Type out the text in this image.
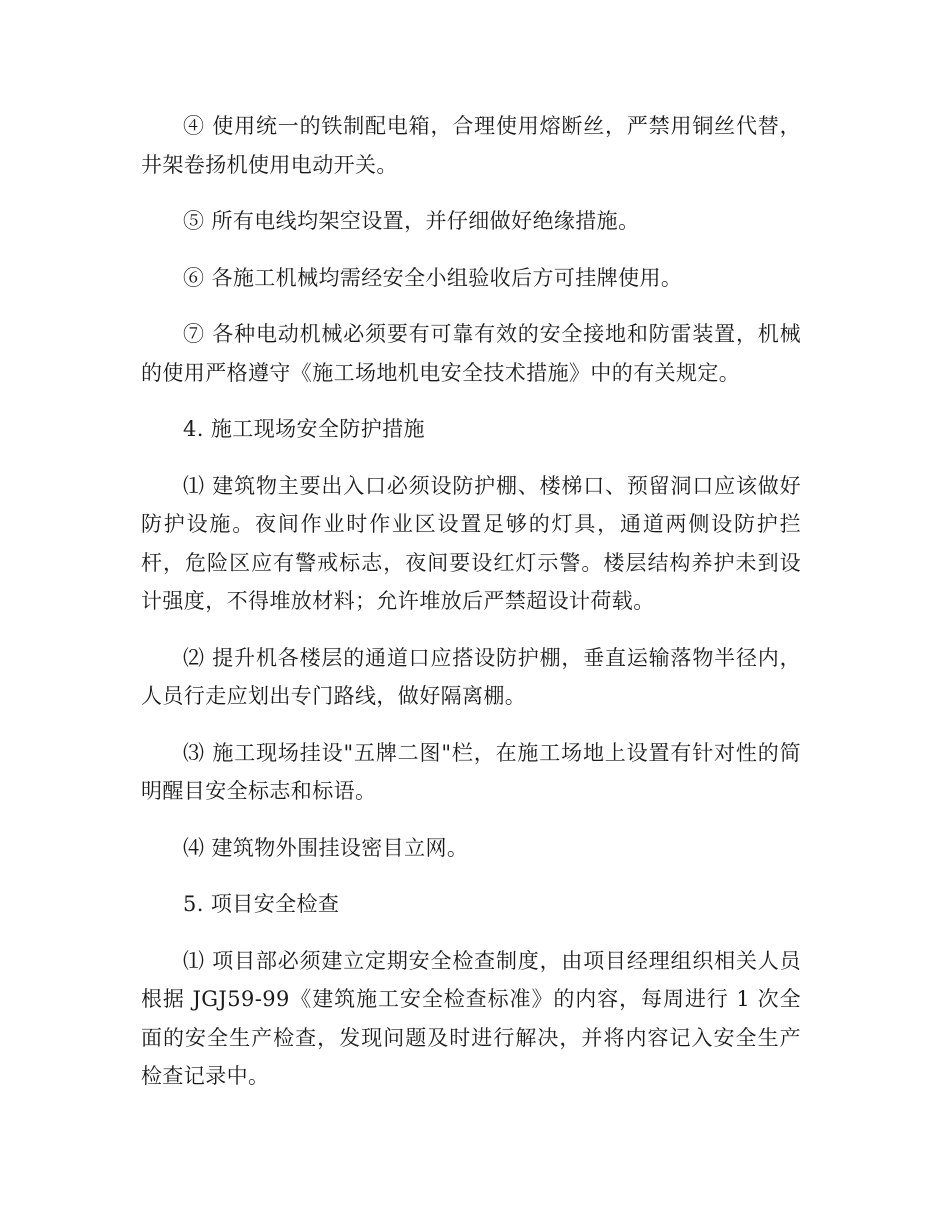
④ 使用统一的铁制配电箱，合理使用熔断丝，严禁用铜丝代替，井架卷扬机使用电动开关。

⑤ 所有电线均架空设置，并仔细做好绝缘措施。

⑥ 各施工机械均需经安全小组验收后方可挂牌使用。

⑦ 各种电动机械必须要有可靠有效的安全接地和防雷装置，机械的使用严格遵守《施工场地机电安全技术措施》中的有关规定。

4. 施工现场安全防护措施

⑴ 建筑物主要出入口必须设防护棚、楼梯口、预留洞口应该做好防护设施。夜间作业时作业区设置足够的灯具，通道两侧设防护拦杆，危险区应有警戒标志，夜间要设红灯示警。楼层结构养护未到设计强度，不得堆放材料；允许堆放后严禁超设计荷载。

⑵ 提升机各楼层的通道口应搭设防护棚，垂直运输落物半径内，人员行走应划出专门路线，做好隔离棚。

⑶ 施工现场挂设"五牌二图"栏，在施工场地上设置有针对性的简明醒目安全标志和标语。

⑷ 建筑物外围挂设密目立网。

5. 项目安全检查

⑴ 项目部必须建立定期安全检查制度，由项目经理组织相关人员根据 JGJ59-99《建筑施工安全检查标准》的内容，每周进行 1 次全面的安全生产检查，发现问题及时进行解决，并将内容记入安全生产检查记录中。
